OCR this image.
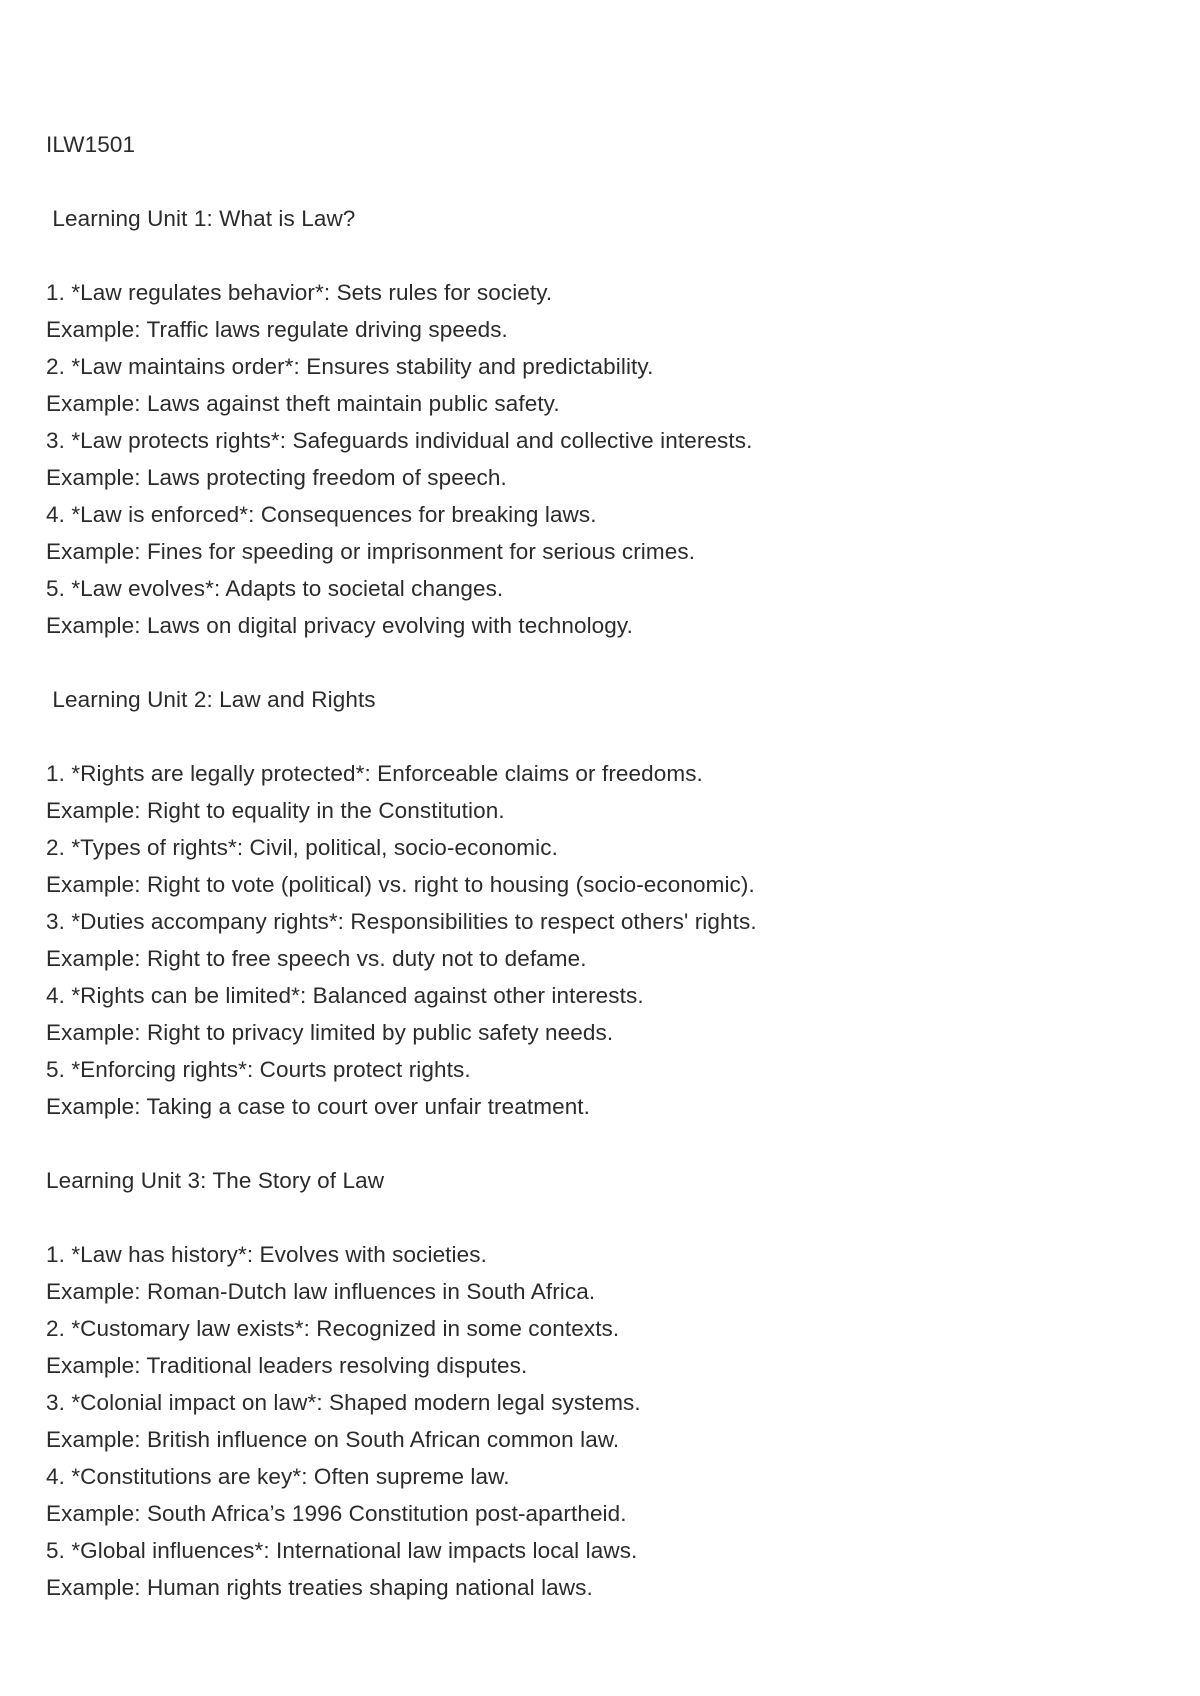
ILW1501
Learning Unit 1: What is Law?
1. *Law regulates behavior*: Sets rules for society.
Example: Traffic laws regulate driving speeds.
2. *Law maintains order*: Ensures stability and predictability.
Example: Laws against theft maintain public safety.
3. *Law protects rights*: Safeguards individual and collective interests.
Example: Laws protecting freedom of speech.
4. *Law is enforced*: Consequences for breaking laws.
Example: Fines for speeding or imprisonment for serious crimes.
5. *Law evolves*: Adapts to societal changes.
Example: Laws on digital privacy evolving with technology.
Learning Unit 2: Law and Rights
1. *Rights are legally protected*: Enforceable claims or freedoms.
Example: Right to equality in the Constitution.
2. *Types of rights*: Civil, political, socio-economic.
Example: Right to vote (political) vs. right to housing (socio-economic).
3. *Duties accompany rights*: Responsibilities to respect others' rights.
Example: Right to free speech vs. duty not to defame.
4. *Rights can be limited*: Balanced against other interests.
Example: Right to privacy limited by public safety needs.
5. *Enforcing rights*: Courts protect rights.
Example: Taking a case to court over unfair treatment.
Learning Unit 3: The Story of Law
1. *Law has history*: Evolves with societies.
Example: Roman-Dutch law influences in South Africa.
2. *Customary law exists*: Recognized in some contexts.
Example: Traditional leaders resolving disputes.
3. *Colonial impact on law*: Shaped modern legal systems.
Example: British influence on South African common law.
4. *Constitutions are key*: Often supreme law.
Example: South Africa’s 1996 Constitution post-apartheid.
5. *Global influences*: International law impacts local laws.
Example: Human rights treaties shaping national laws.
